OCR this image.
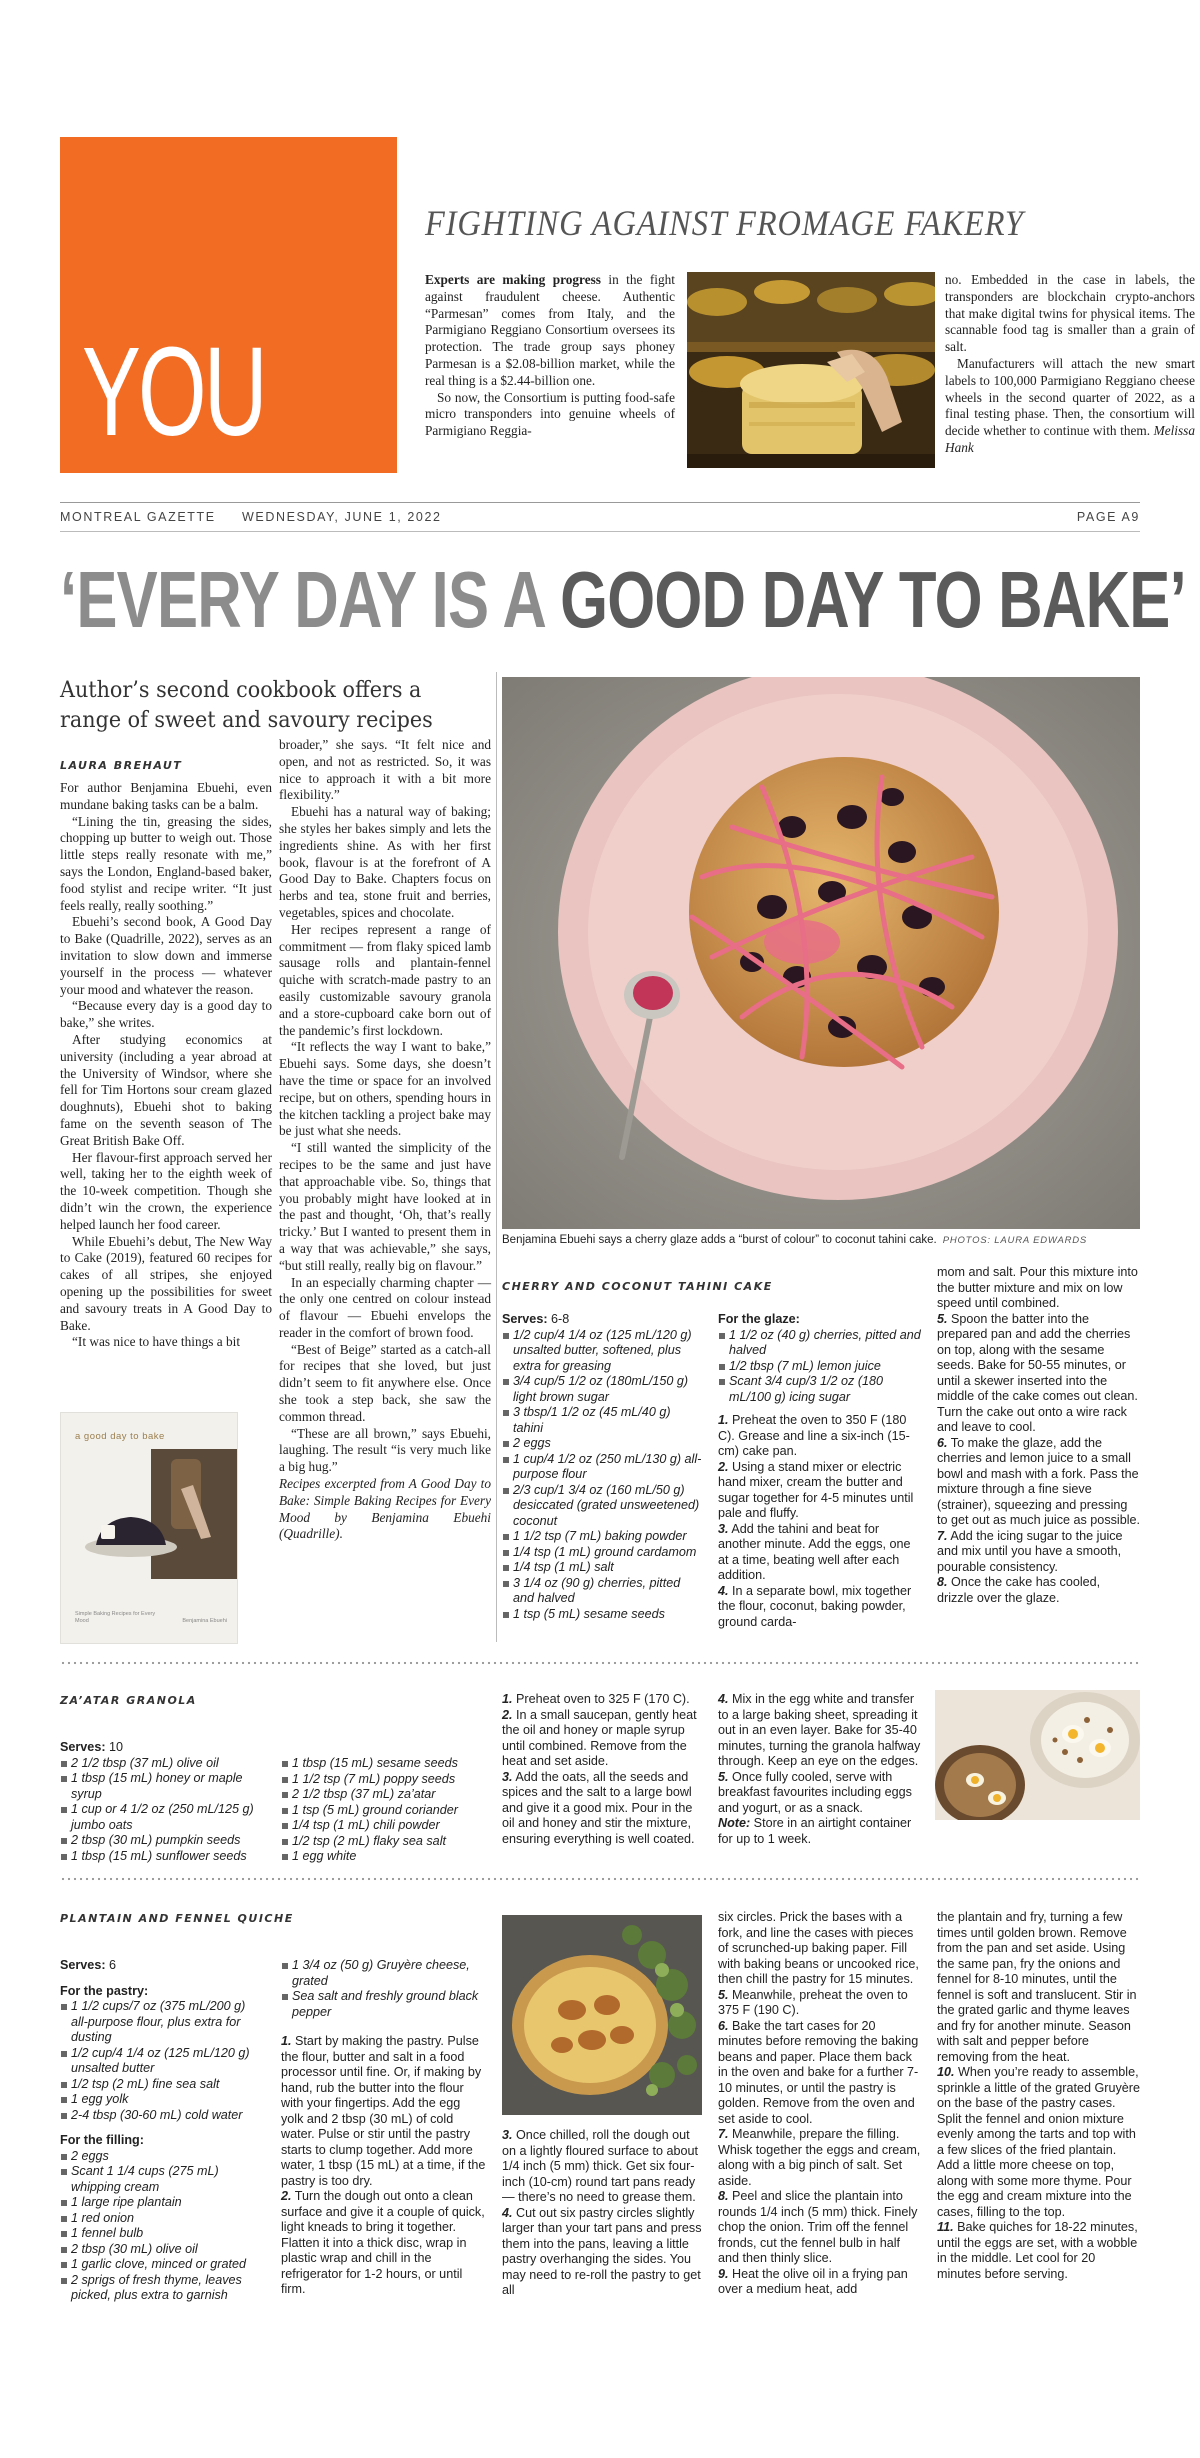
YOU
FIGHTING AGAINST FROMAGE FAKERY

Experts are making progress in the fight against fraudulent cheese. Authentic “Parmesan” comes from Italy, and the Parmigiano Reggiano Consortium oversees its protection. The trade group says phoney Parmesan is a $2.08-billion market, while the real thing is a $2.44-billion one.

So now, the Consortium is putting food-safe micro transponders into genuine wheels of Parmigiano Reggia-

no. Embedded in the case in labels, the transponders are blockchain crypto-anchors that make digital twins for physical items. The scannable food tag is smaller than a grain of salt.

Manufacturers will attach the new smart labels to 100,000 Parmigiano Reggiano cheese wheels in the second quarter of 2022, as a final testing phase. Then, the consortium will decide whether to continue with them. Melissa Hank

MONTREAL GAZETTE WEDNESDAY, JUNE 1, 2022	PAGE A9
‘EVERY DAY IS A GOOD DAY TO BAKE’
Author’s second cookbook offers a range of sweet and savoury recipes
LAURA BREHAUT

For author Benjamina Ebuehi, even mundane baking tasks can be a balm.

“Lining the tin, greasing the sides, chopping up butter to weigh out. Those little steps really resonate with me,” says the London, England-based baker, food stylist and recipe writer. “It just feels really, really soothing.”

Ebuehi’s second book, A Good Day to Bake (Quadrille, 2022), serves as an invitation to slow down and immerse yourself in the process — whatever your mood and whatever the reason.

“Because every day is a good day to bake,” she writes.

After studying economics at university (including a year abroad at the University of Windsor, where she fell for Tim Hortons sour cream glazed doughnuts), Ebuehi shot to baking fame on the seventh season of The Great British Bake Off.

Her flavour-first approach served her well, taking her to the eighth week of the 10-week competition. Though she didn’t win the crown, the experience helped launch her food career.

While Ebuehi’s debut, The New Way to Cake (2019), featured 60 recipes for cakes of all stripes, she enjoyed opening up the possibilities for sweet and savoury treats in A Good Day to Bake.

“It was nice to have things a bit

broader,” she says. “It felt nice and open, and not as restricted. So, it was nice to approach it with a bit more flexibility.”

Ebuehi has a natural way of baking; she styles her bakes simply and lets the ingredients shine. As with her first book, flavour is at the forefront of A Good Day to Bake. Chapters focus on herbs and tea, stone fruit and berries, vegetables, spices and chocolate.

Her recipes represent a range of commitment — from flaky spiced lamb sausage rolls and plantain-fennel quiche with scratch-made pastry to an easily customizable savoury granola and a store-cupboard cake born out of the pandemic’s first lockdown.

“It reflects the way I want to bake,” Ebuehi says. Some days, she doesn’t have the time or space for an involved recipe, but on others, spending hours in the kitchen tackling a project bake may be just what she needs.

“I still wanted the simplicity of the recipes to be the same and just have that approachable vibe. So, things that you probably might have looked at in the past and thought, ‘Oh, that’s really tricky.’ But I wanted to present them in a way that was achievable,” she says, “but still really, really big on flavour.”

In an especially charming chapter — the only one centred on colour instead of flavour — Ebuehi envelops the reader in the comfort of brown food.

“Best of Beige” started as a catch-all for recipes that she loved, but just didn’t seem to fit anywhere else. Once she took a step back, she saw the common thread.

“These are all brown,” says Ebuehi, laughing. The result “is very much like a big hug.”

Recipes excerpted from A Good Day to Bake: Simple Baking Recipes for Every Mood by Benjamina Ebuehi (Quadrille).

Benjamina Ebuehi says a cherry glaze adds a “burst of colour” to coconut tahini cake. PHOTOS: LAURA EDWARDS
a good day to bake
Simple Baking Recipes for Every Mood	Benjamina Ebuehi
CHERRY AND COCONUT TAHINI CAKE
Serves: 6-8
1/2 cup/4 1/4 oz (125 mL/120 g) unsalted butter, softened, plus extra for greasing
3/4 cup/5 1/2 oz (180mL/150 g) light brown sugar
3 tbsp/1 1/2 oz (45 mL/40 g) tahini
2 eggs
1 cup/4 1/2 oz (250 mL/130 g) all-purpose flour
2/3 cup/1 3/4 oz (160 mL/50 g) desiccated (grated unsweetened) coconut
1 1/2 tsp (7 mL) baking powder
1/4 tsp (1 mL) ground cardamom
1/4 tsp (1 mL) salt
3 1/4 oz (90 g) cherries, pitted and halved
1 tsp (5 mL) sesame seeds
For the glaze:
1 1/2 oz (40 g) cherries, pitted and halved
1/2 tbsp (7 mL) lemon juice
Scant 3/4 cup/3 1/2 oz (180 mL/100 g) icing sugar

1. Preheat the oven to 350 F (180 C). Grease and line a six-inch (15-cm) cake pan.

2. Using a stand mixer or electric hand mixer, cream the butter and sugar together for 4-5 minutes until pale and fluffy.

3. Add the tahini and beat for another minute. Add the eggs, one at a time, beating well after each addition.

4. In a separate bowl, mix together the flour, coconut, baking powder, ground carda-

mom and salt. Pour this mixture into the butter mixture and mix on low speed until combined.

5. Spoon the batter into the prepared pan and add the cherries on top, along with the sesame seeds. Bake for 50-55 minutes, or until a skewer inserted into the middle of the cake comes out clean. Turn the cake out onto a wire rack and leave to cool.

6. To make the glaze, add the cherries and lemon juice to a small bowl and mash with a fork. Pass the mixture through a fine sieve (strainer), squeezing and pressing to get out as much juice as possible.

7. Add the icing sugar to the juice and mix until you have a smooth, pourable consistency.

8. Once the cake has cooled, drizzle over the glaze.

ZA’ATAR GRANOLA
Serves: 10
2 1/2 tbsp (37 mL) olive oil
1 tbsp (15 mL) honey or maple syrup
1 cup or 4 1/2 oz (250 mL/125 g) jumbo oats
2 tbsp (30 mL) pumpkin seeds
1 tbsp (15 mL) sunflower seeds
1 tbsp (15 mL) sesame seeds
1 1/2 tsp (7 mL) poppy seeds
2 1/2 tbsp (37 mL) za’atar
1 tsp (5 mL) ground coriander
1/4 tsp (1 mL) chili powder
1/2 tsp (2 mL) flaky sea salt
1 egg white

1. Preheat oven to 325 F (170 C).

2. In a small saucepan, gently heat the oil and honey or maple syrup until combined. Remove from the heat and set aside.

3. Add the oats, all the seeds and spices and the salt to a large bowl and give it a good mix. Pour in the oil and honey and stir the mixture, ensuring everything is well coated.

4. Mix in the egg white and transfer to a large baking sheet, spreading it out in an even layer. Bake for 35-40 minutes, turning the granola halfway through. Keep an eye on the edges.

5. Once fully cooled, serve with breakfast favourites including eggs and yogurt, or as a snack.

Note: Store in an airtight container for up to 1 week.

PLANTAIN AND FENNEL QUICHE
Serves: 6
For the pastry:
1 1/2 cups/7 oz (375 mL/200 g) all-purpose flour, plus extra for dusting
1/2 cup/4 1/4 oz (125 mL/120 g) unsalted butter
1/2 tsp (2 mL) fine sea salt
1 egg yolk
2-4 tbsp (30-60 mL) cold water
For the filling:
2 eggs
Scant 1 1/4 cups (275 mL) whipping cream
1 large ripe plantain
1 red onion
1 fennel bulb
2 tbsp (30 mL) olive oil
1 garlic clove, minced or grated
2 sprigs of fresh thyme, leaves picked, plus extra to garnish
1 3/4 oz (50 g) Gruyère cheese, grated
Sea salt and freshly ground black pepper

1. Start by making the pastry. Pulse the flour, butter and salt in a food processor until fine. Or, if making by hand, rub the butter into the flour with your fingertips. Add the egg yolk and 2 tbsp (30 mL) of cold water. Pulse or stir until the pastry starts to clump together. Add more water, 1 tbsp (15 mL) at a time, if the pastry is too dry.

2. Turn the dough out onto a clean surface and give it a couple of quick, light kneads to bring it together. Flatten it into a thick disc, wrap in plastic wrap and chill in the refrigerator for 1-2 hours, or until firm.

3. Once chilled, roll the dough out on a lightly floured surface to about 1/4 inch (5 mm) thick. Get six four-inch (10-cm) round tart pans ready — there’s no need to grease them.

4. Cut out six pastry circles slightly larger than your tart pans and press them into the pans, leaving a little pastry overhanging the sides. You may need to re-roll the pastry to get all

six circles. Prick the bases with a fork, and line the cases with pieces of scrunched-up baking paper. Fill with baking beans or uncooked rice, then chill the pastry for 15 minutes.

5. Meanwhile, preheat the oven to 375 F (190 C).

6. Bake the tart cases for 20 minutes before removing the baking beans and paper. Place them back in the oven and bake for a further 7-10 minutes, or until the pastry is golden. Remove from the oven and set aside to cool.

7. Meanwhile, prepare the filling. Whisk together the eggs and cream, along with a big pinch of salt. Set aside.

8. Peel and slice the plantain into rounds 1/4 inch (5 mm) thick. Finely chop the onion. Trim off the fennel fronds, cut the fennel bulb in half and then thinly slice.

9. Heat the olive oil in a frying pan over a medium heat, add

the plantain and fry, turning a few times until golden brown. Remove from the pan and set aside. Using the same pan, fry the onions and fennel for 8-10 minutes, until the fennel is soft and translucent. Stir in the grated garlic and thyme leaves and fry for another minute. Season with salt and pepper before removing from the heat.

10. When you’re ready to assemble, sprinkle a little of the grated Gruyère on the base of the pastry cases. Split the fennel and onion mixture evenly among the tarts and top with a few slices of the fried plantain. Add a little more cheese on top, along with some more thyme. Pour the egg and cream mixture into the cases, filling to the top.

11. Bake quiches for 18-22 minutes, until the eggs are set, with a wobble in the middle. Let cool for 20 minutes before serving.
